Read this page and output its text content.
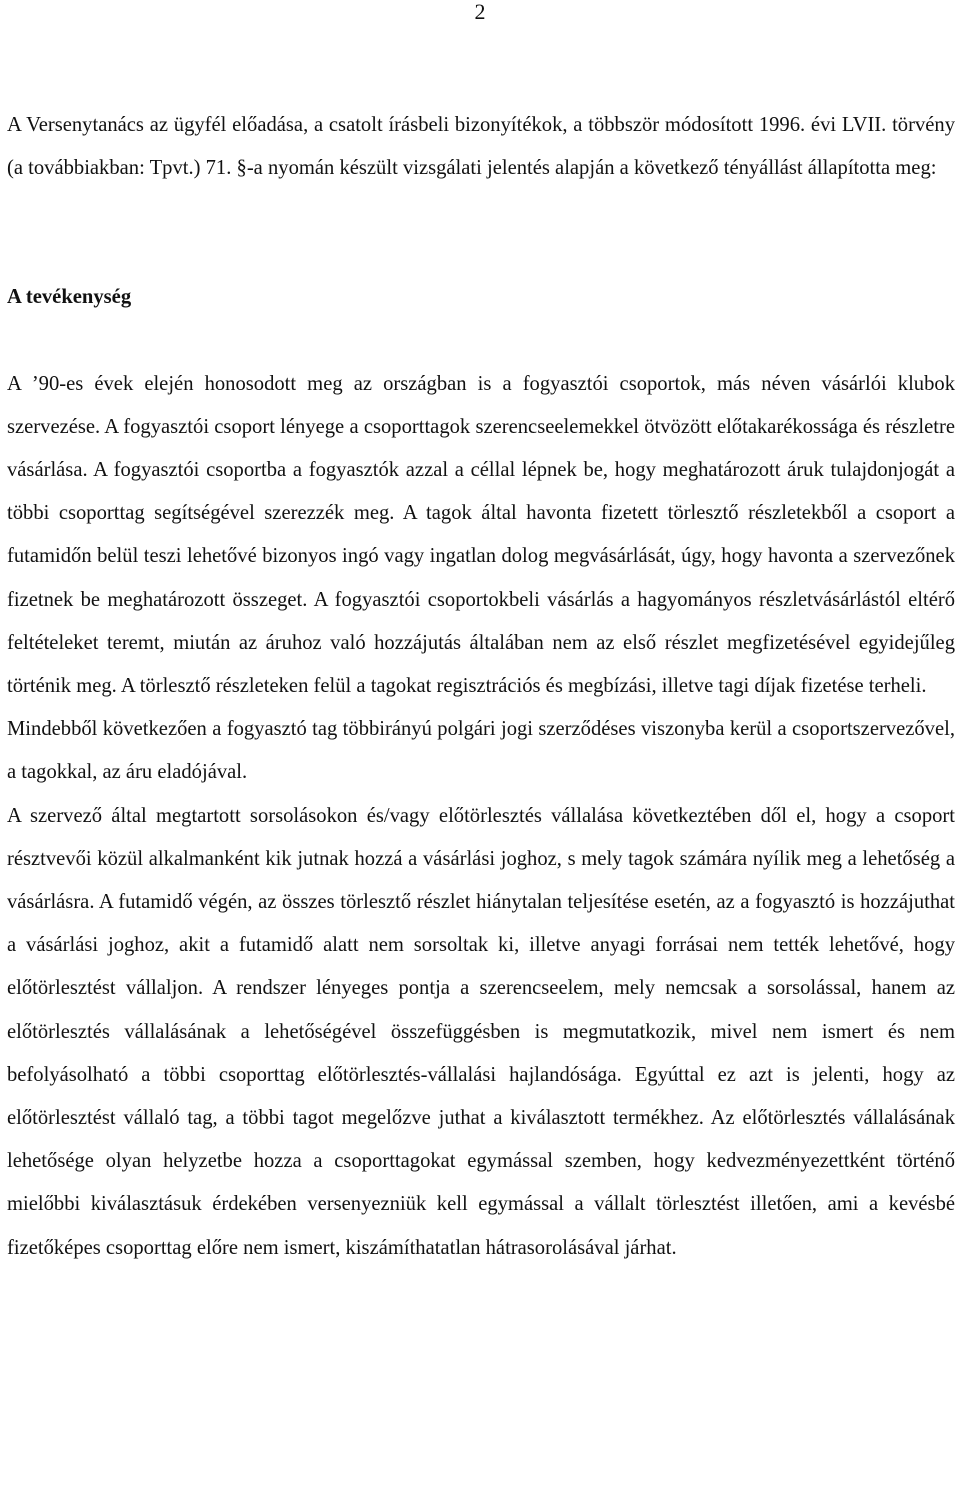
2

A Versenytanács az ügyfél előadása, a csatolt írásbeli bizonyítékok, a többször módosított 1996. évi LVII. törvény (a továbbiakban: Tpvt.) 71. §-a nyomán készült vizsgálati jelentés alapján a következő tényállást állapította meg:

A tevékenység

A ’90-es évek elején honosodott meg az országban is a fogyasztói csoportok, más néven vásárlói klubok szervezése. A fogyasztói csoport lényege a csoporttagok szerencseelemekkel ötvözött előtakarékossága és részletre vásárlása. A fogyasztói csoportba a fogyasztók azzal a céllal lépnek be, hogy meghatározott áruk tulajdonjogát a többi csoporttag segítségével szerezzék meg. A tagok által havonta fizetett törlesztő részletekből a csoport a futamidőn belül teszi lehetővé bizonyos ingó vagy ingatlan dolog megvásárlását, úgy, hogy havonta a szervezőnek fizetnek be meghatározott összeget. A fogyasztói csoportokbeli vásárlás a hagyományos részletvásárlástól eltérő feltételeket teremt, miután az áruhoz való hozzájutás általában nem az első részlet megfizetésével egyidejűleg történik meg. A törlesztő részleteken felül a tagokat regisztrációs és megbízási, illetve tagi díjak fizetése terheli.

Mindebből következően a fogyasztó tag többirányú polgári jogi szerződéses viszonyba kerül a csoportszervezővel, a tagokkal, az áru eladójával.

A szervező által megtartott sorsolásokon és/vagy előtörlesztés vállalása következtében dől el, hogy a csoport résztvevői közül alkalmanként kik jutnak hozzá a vásárlási joghoz, s mely tagok számára nyílik meg a lehetőség a vásárlásra. A futamidő végén, az összes törlesztő részlet hiánytalan teljesítése esetén, az a fogyasztó is hozzájuthat a vásárlási joghoz, akit a futamidő alatt nem sorsoltak ki, illetve anyagi forrásai nem tették lehetővé, hogy előtörlesztést vállaljon. A rendszer lényeges pontja a szerencseelem, mely nemcsak a sorsolással, hanem az előtörlesztés vállalásának a lehetőségével összefüggésben is megmutatkozik, mivel nem ismert és nem befolyásolható a többi csoporttag előtörlesztés-vállalási hajlandósága. Egyúttal ez azt is jelenti, hogy az előtörlesztést vállaló tag, a többi tagot megelőzve juthat a kiválasztott termékhez. Az előtörlesztés vállalásának lehetősége olyan helyzetbe hozza a csoporttagokat egymással szemben, hogy kedvezményezettként történő mielőbbi kiválasztásuk érdekében versenyezniük kell egymással a vállalt törlesztést illetően, ami a kevésbé fizetőképes csoporttag előre nem ismert, kiszámíthatatlan hátrasorolásával járhat.
